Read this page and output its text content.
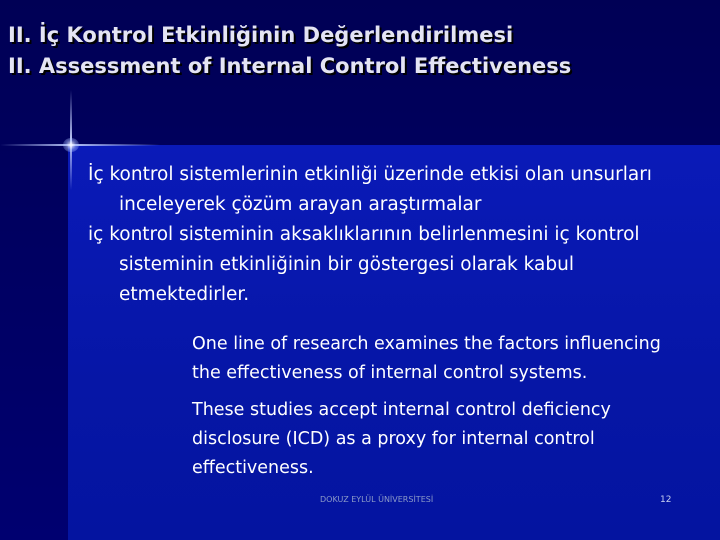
II. İç Kontrol Etkinliğinin Değerlendirilmesi
II. Assessment of Internal Control Effectiveness
İç kontrol sistemlerinin etkinliği üzerinde etkisi olan unsurları inceleyerek çözüm arayan araştırmalar
iç kontrol sisteminin aksaklıklarının belirlenmesini iç kontrol sisteminin etkinliğinin bir göstergesi olarak kabul etmektedirler.

One line of research examines the factors influencing the effectiveness of internal control systems.

These studies accept internal control deficiency disclosure (ICD) as a proxy for internal control effectiveness.

DOKUZ EYLÜL ÜNİVERSİTESİ	12
